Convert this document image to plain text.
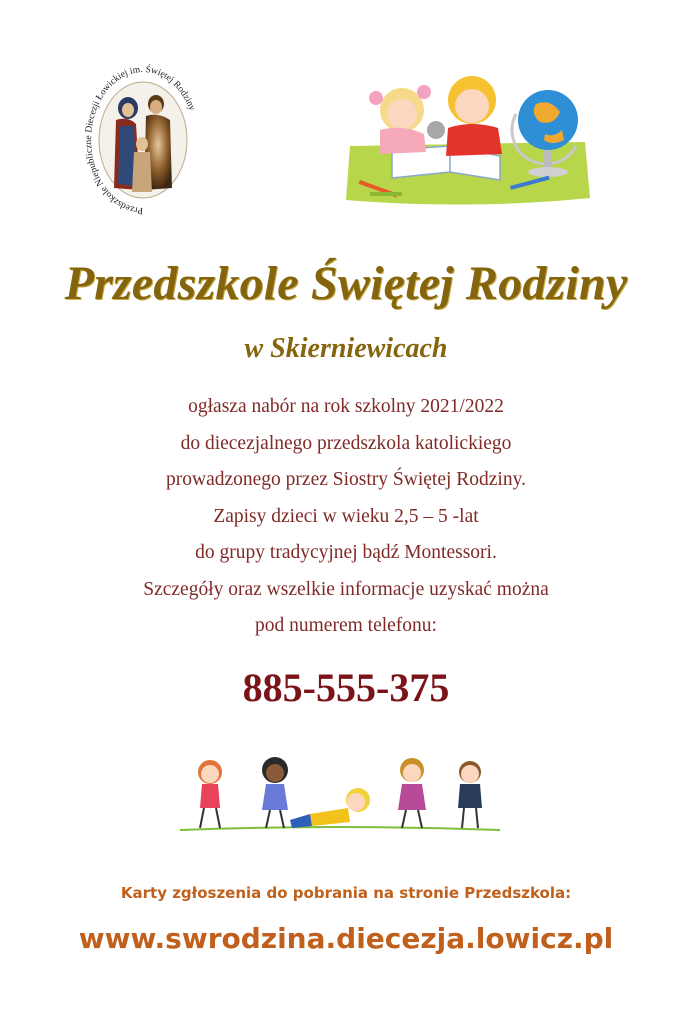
Przedszkole Niepubliczne Diecezji Łowickiej im. Świętej Rodziny
Przedszkole Świętej Rodziny
w Skierniewicach
ogłasza nabór na rok szkolny 2021/2022
do diecezjalnego przedszkola katolickiego
prowadzonego przez Siostry Świętej Rodziny.
Zapisy dzieci w wieku 2,5 – 5 -lat
do grupy tradycyjnej bądź Montessori.
Szczegóły oraz wszelkie informacje uzyskać można
pod numerem telefonu:
885-555-375
Karty zgłoszenia do pobrania na stronie Przedszkola:
www.swrodzina.diecezja.lowicz.pl
